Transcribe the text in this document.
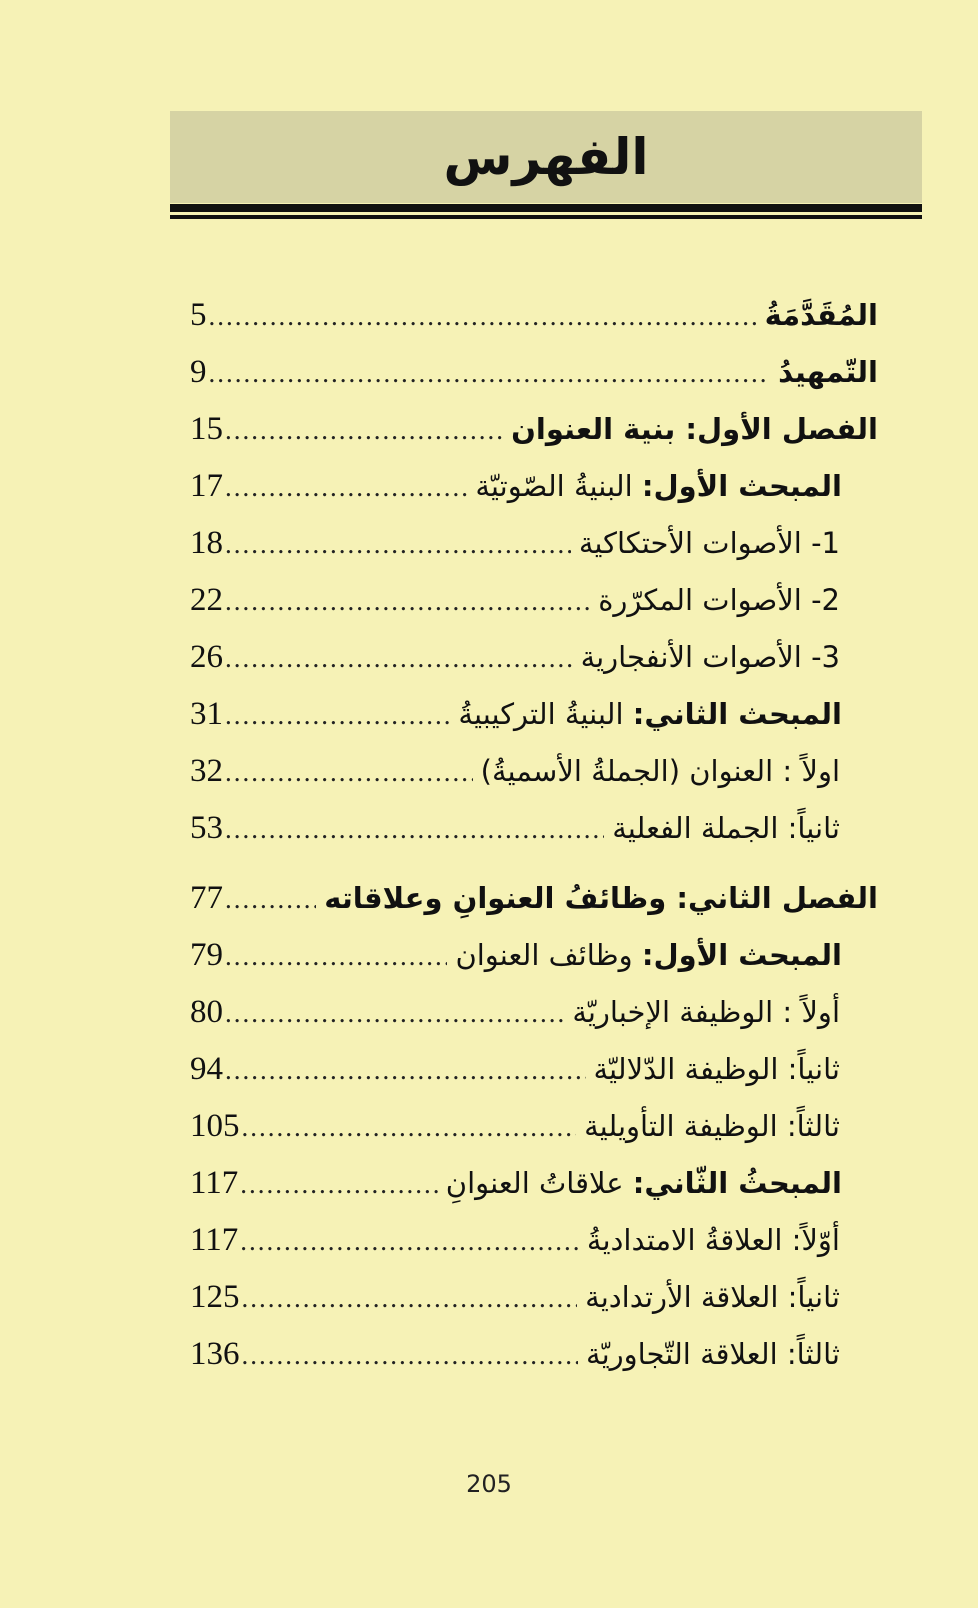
الفهرس
المُقَدَّمَةُ
.....
5
التّمهيدُ
.....
9
الفصل الأول: بنية العنوان
.....
15
المبحث الأول: البنيةُ الصّوتيّة
.....
17
1- الأصوات الأحتكاكية
.....
18
2- الأصوات المكرّرة
.....
22
3- الأصوات الأنفجارية
.....
26
المبحث الثاني: البنيةُ التركيبيةُ
.....
31
اولاً : العنوان (الجملةُ الأسميةُ)
.....
32
ثانياً: الجملة الفعلية
.....
53
الفصل الثاني: وظائفُ العنوانِ وعلاقاته
.....
77
المبحث الأول: وظائف العنوان
.....
79
أولاً : الوظيفة الإخباريّة
.....
80
ثانياً: الوظيفة الدّلاليّة
.....
94
ثالثاً: الوظيفة التأويلية
.....
105
المبحثُ الثّاني: علاقاتُ العنوانِ
.....
117
أوّلاً: العلاقةُ الامتداديةُ
.....
117
ثانياً: العلاقة الأرتدادية
.....
125
ثالثاً: العلاقة التّجاوريّة
.....
136
205
